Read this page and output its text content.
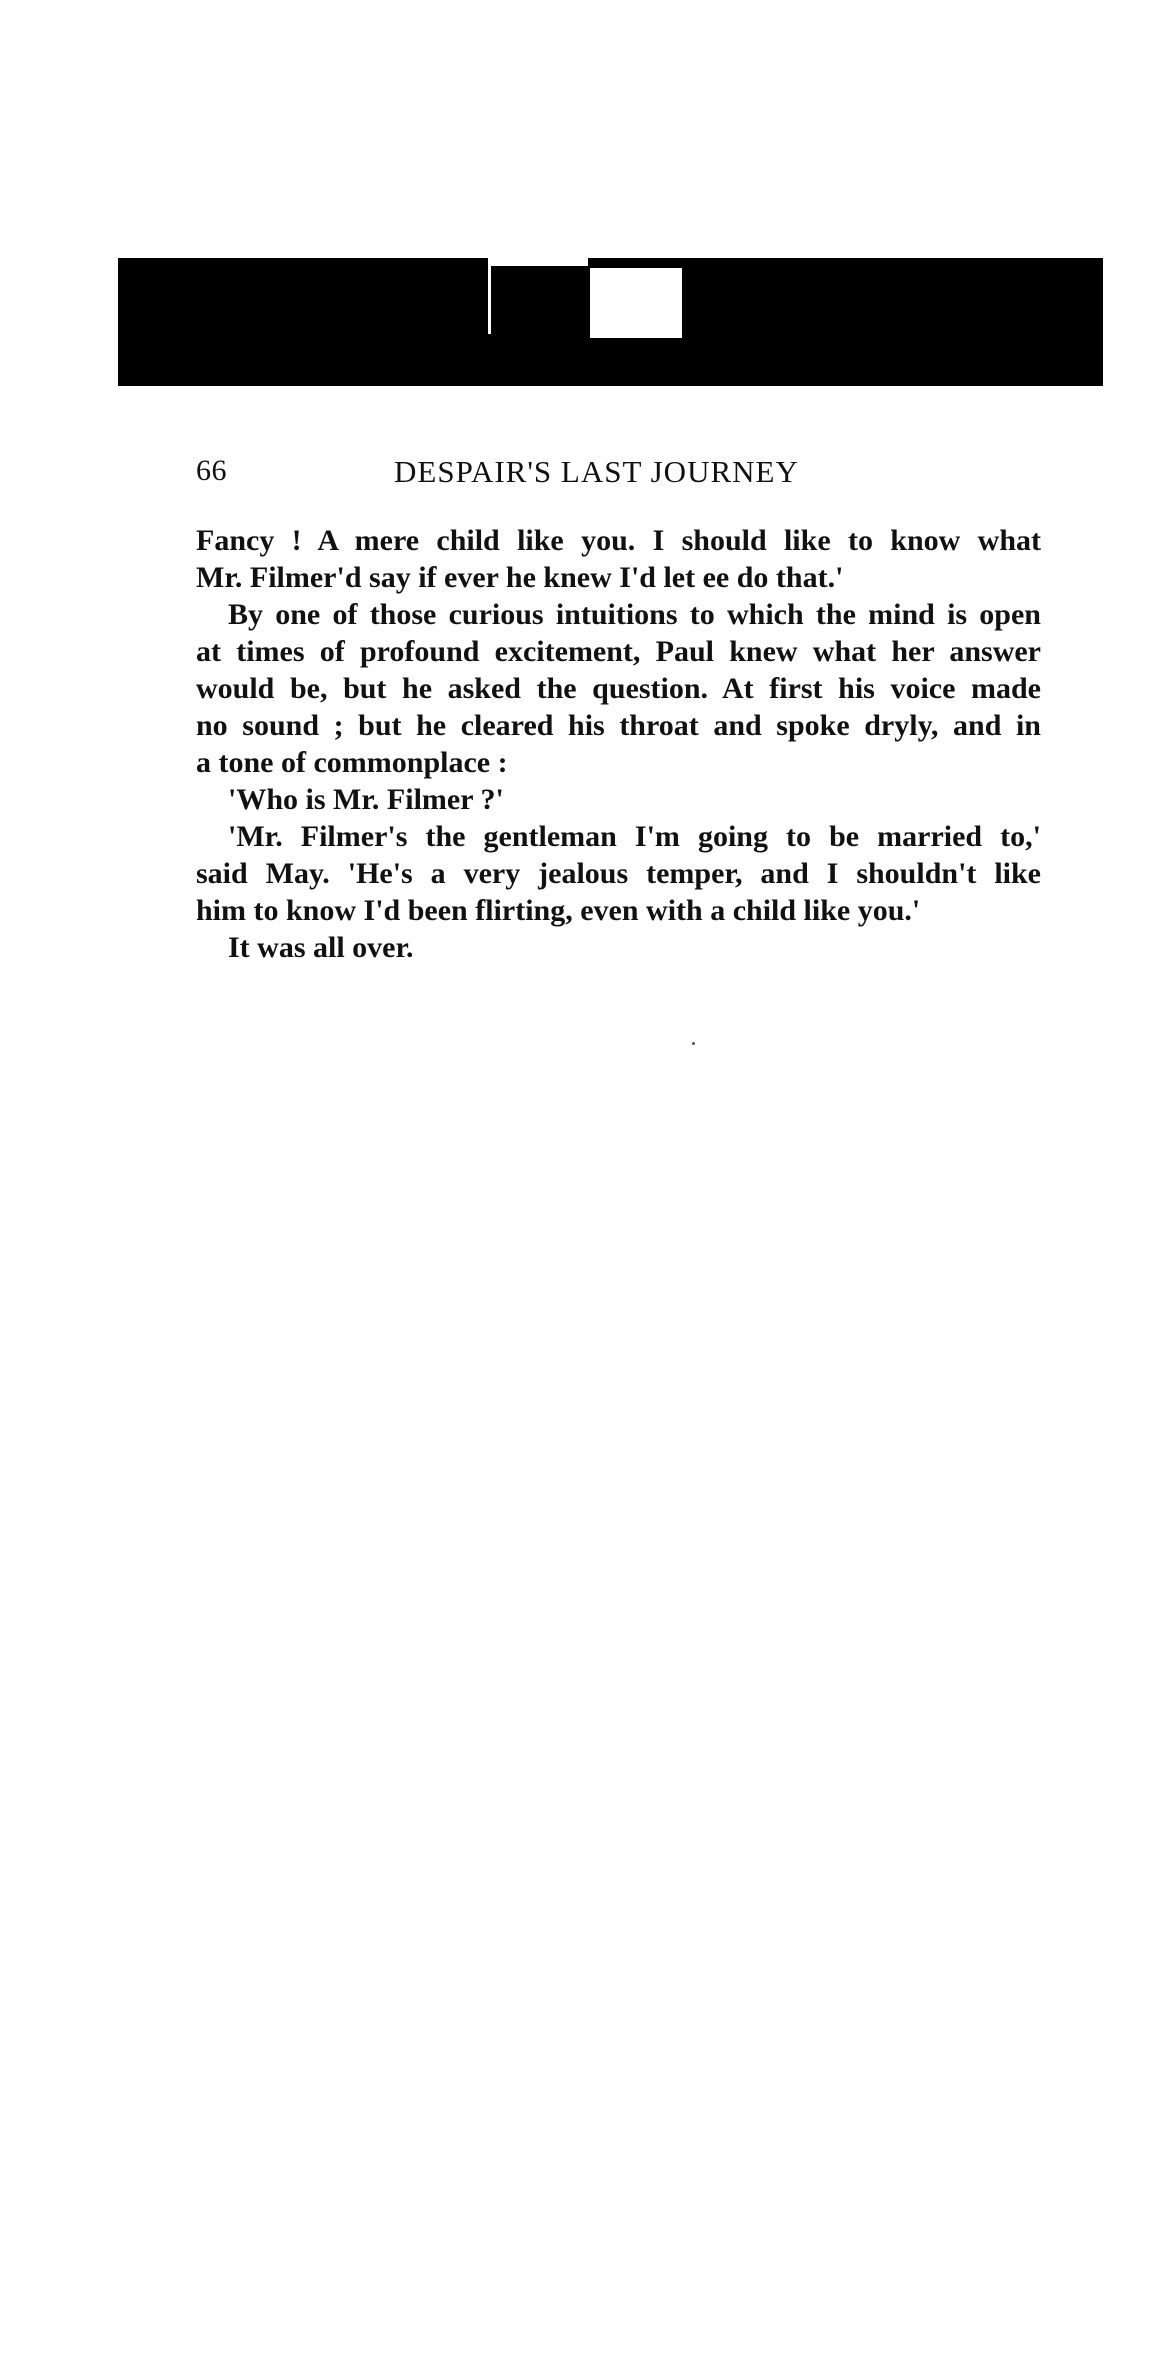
66	DESPAIR'S LAST JOURNEY
Fancy ! A mere child like you. I should like to know what
Mr. Filmer'd say if ever he knew I'd let ee do that.'
By one of those curious intuitions to which the mind is open
at times of profound excitement, Paul knew what her answer
would be, but he asked the question. At first his voice made
no sound ; but he cleared his throat and spoke dryly, and in
a tone of commonplace :
'Who is Mr. Filmer ?'
'Mr. Filmer's the gentleman I'm going to be married to,'
said May. 'He's a very jealous temper, and I shouldn't like
him to know I'd been flirting, even with a child like you.'
It was all over.
